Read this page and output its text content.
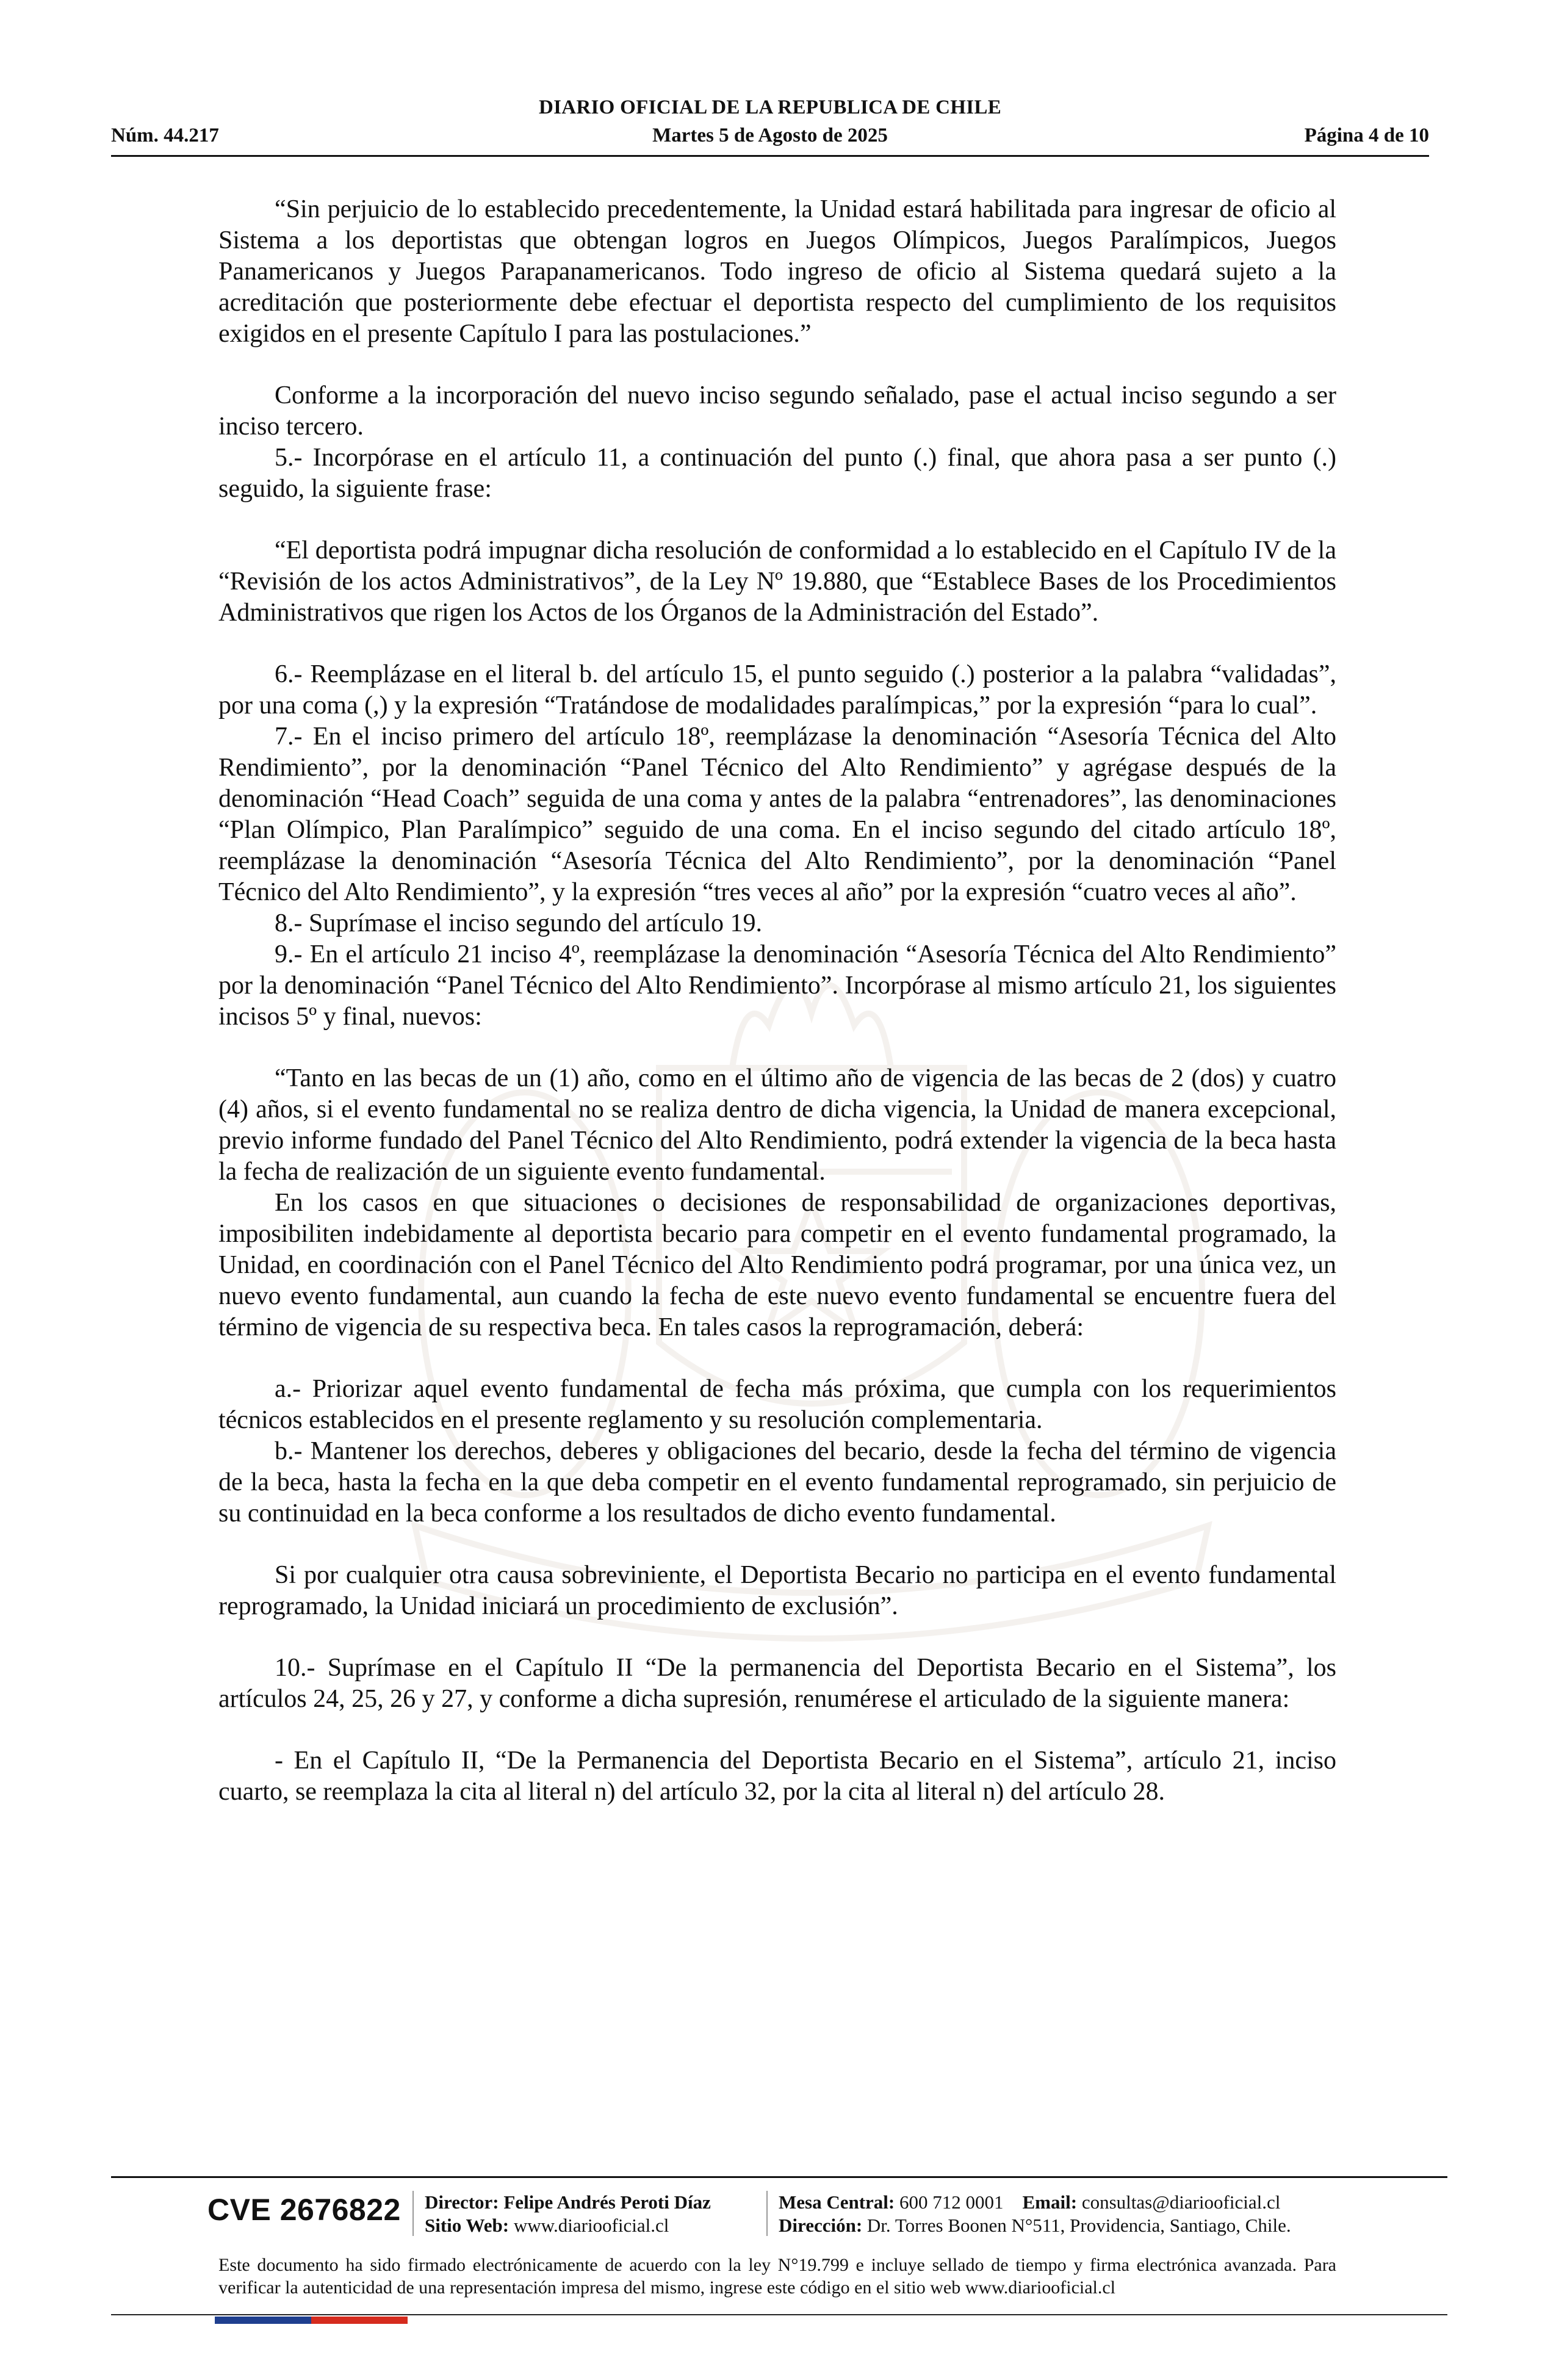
DIARIO OFICIAL DE LA REPUBLICA DE CHILE
Núm. 44.217	Martes 5 de Agosto de 2025	Página 4 de 10

“Sin perjuicio de lo establecido precedentemente, la Unidad estará habilitada para ingresar de oficio al Sistema a los deportistas que obtengan logros en Juegos Olímpicos, Juegos Paralímpicos, Juegos Panamericanos y Juegos Parapanamericanos. Todo ingreso de oficio al Sistema quedará sujeto a la acreditación que posteriormente debe efectuar el deportista respecto del cumplimiento de los requisitos exigidos en el presente Capítulo I para las postulaciones.”

Conforme a la incorporación del nuevo inciso segundo señalado, pase el actual inciso segundo a ser inciso tercero.

5.- Incorpórase en el artículo 11, a continuación del punto (.) final, que ahora pasa a ser punto (.) seguido, la siguiente frase:

“El deportista podrá impugnar dicha resolución de conformidad a lo establecido en el Capítulo IV de la “Revisión de los actos Administrativos”, de la Ley Nº 19.880, que “Establece Bases de los Procedimientos Administrativos que rigen los Actos de los Órganos de la Administración del Estado”.

6.- Reemplázase en el literal b. del artículo 15, el punto seguido (.) posterior a la palabra “validadas”, por una coma (,) y la expresión “Tratándose de modalidades paralímpicas,” por la expresión “para lo cual”.

7.- En el inciso primero del artículo 18º, reemplázase la denominación “Asesoría Técnica del Alto Rendimiento”, por la denominación “Panel Técnico del Alto Rendimiento” y agrégase después de la denominación “Head Coach” seguida de una coma y antes de la palabra “entrenadores”, las denominaciones “Plan Olímpico, Plan Paralímpico” seguido de una coma. En el inciso segundo del citado artículo 18º, reemplázase la denominación “Asesoría Técnica del Alto Rendimiento”, por la denominación “Panel Técnico del Alto Rendimiento”, y la expresión “tres veces al año” por la expresión “cuatro veces al año”.

8.- Suprímase el inciso segundo del artículo 19.

9.- En el artículo 21 inciso 4º, reemplázase la denominación “Asesoría Técnica del Alto Rendimiento” por la denominación “Panel Técnico del Alto Rendimiento”. Incorpórase al mismo artículo 21, los siguientes incisos 5º y final, nuevos:

“Tanto en las becas de un (1) año, como en el último año de vigencia de las becas de 2 (dos) y cuatro (4) años, si el evento fundamental no se realiza dentro de dicha vigencia, la Unidad de manera excepcional, previo informe fundado del Panel Técnico del Alto Rendimiento, podrá extender la vigencia de la beca hasta la fecha de realización de un siguiente evento fundamental.

En los casos en que situaciones o decisiones de responsabilidad de organizaciones deportivas, imposibiliten indebidamente al deportista becario para competir en el evento fundamental programado, la Unidad, en coordinación con el Panel Técnico del Alto Rendimiento podrá programar, por una única vez, un nuevo evento fundamental, aun cuando la fecha de este nuevo evento fundamental se encuentre fuera del término de vigencia de su respectiva beca. En tales casos la reprogramación, deberá:

a.- Priorizar aquel evento fundamental de fecha más próxima, que cumpla con los requerimientos técnicos establecidos en el presente reglamento y su resolución complementaria.

b.- Mantener los derechos, deberes y obligaciones del becario, desde la fecha del término de vigencia de la beca, hasta la fecha en la que deba competir en el evento fundamental reprogramado, sin perjuicio de su continuidad en la beca conforme a los resultados de dicho evento fundamental.

Si por cualquier otra causa sobreviniente, el Deportista Becario no participa en el evento fundamental reprogramado, la Unidad iniciará un procedimiento de exclusión”.

10.- Suprímase en el Capítulo II “De la permanencia del Deportista Becario en el Sistema”, los artículos 24, 25, 26 y 27, y conforme a dicha supresión, renumérese el articulado de la siguiente manera:

- En el Capítulo II, “De la Permanencia del Deportista Becario en el Sistema”, artículo 21, inciso cuarto, se reemplaza la cita al literal n) del artículo 32, por la cita al literal n) del artículo 28.

CVE 2676822 Director: Felipe Andrés Peroti Díaz
Sitio Web: www.diariooficial.cl
Mesa Central: 600 712 0001 Email: consultas@diariooficial.cl
Dirección: Dr. Torres Boonen N°511, Providencia, Santiago, Chile.
Este documento ha sido firmado electrónicamente de acuerdo con la ley N°19.799 e incluye sellado de tiempo y firma electrónica avanzada. Para verificar la autenticidad de una representación impresa del mismo, ingrese este código en el sitio web www.diariooficial.cl
